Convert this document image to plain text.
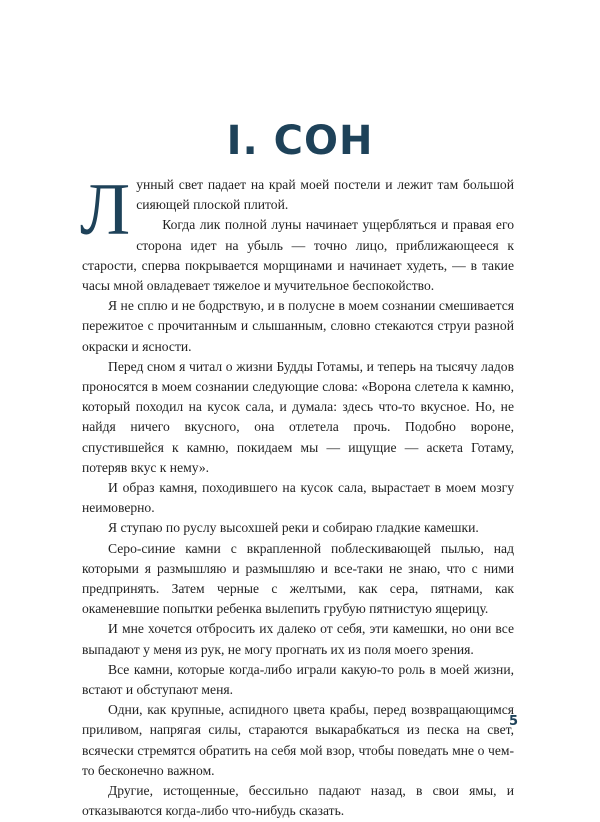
I. СОН

Лунный свет падает на край моей постели и лежит там большой сияющей плоской плитой.

Когда лик полной луны начинает ущербляться и правая его сторона идет на убыль — точно лицо, приближающееся к старости, сперва покрывается морщинами и начинает худеть, — в такие часы мной овладевает тяжелое и мучительное беспокойство.

Я не сплю и не бодрствую, и в полусне в моем сознании смешивается пережитое с прочитанным и слышанным, словно стекаются струи разной окраски и ясности.

Перед сном я читал о жизни Будды Готамы, и теперь на тысячу ладов проносятся в моем сознании следующие слова: «Ворона слетела к камню, который походил на кусок сала, и думала: здесь что-то вкусное. Но, не найдя ничего вкусного, она отлетела прочь. Подобно вороне, спустившейся к камню, покидаем мы — ищущие — аскета Готаму, потеряв вкус к нему».

И образ камня, походившего на кусок сала, вырастает в моем мозгу неимоверно.

Я ступаю по руслу высохшей реки и собираю гладкие камешки.

Серо-синие камни с вкрапленной поблескивающей пылью, над которыми я размышляю и размышляю и все-таки не знаю, что с ними предпринять. Затем черные с желтыми, как сера, пятнами, как окаменевшие попытки ребенка вылепить грубую пятнистую ящерицу.

И мне хочется отбросить их далеко от себя, эти камешки, но они все выпадают у меня из рук, не могу прогнать их из поля моего зрения.

Все камни, которые когда-либо играли какую-то роль в моей жизни, встают и обступают меня.

Одни, как крупные, аспидного цвета крабы, перед возвращающимся приливом, напрягая силы, стараются выкарабкаться из песка на свет, всячески стремятся обратить на себя мой взор, чтобы поведать мне о чем-то бесконечно важном.

Другие, истощенные, бессильно падают назад, в свои ямы, и отказываются когда-либо что-нибудь сказать.

5
